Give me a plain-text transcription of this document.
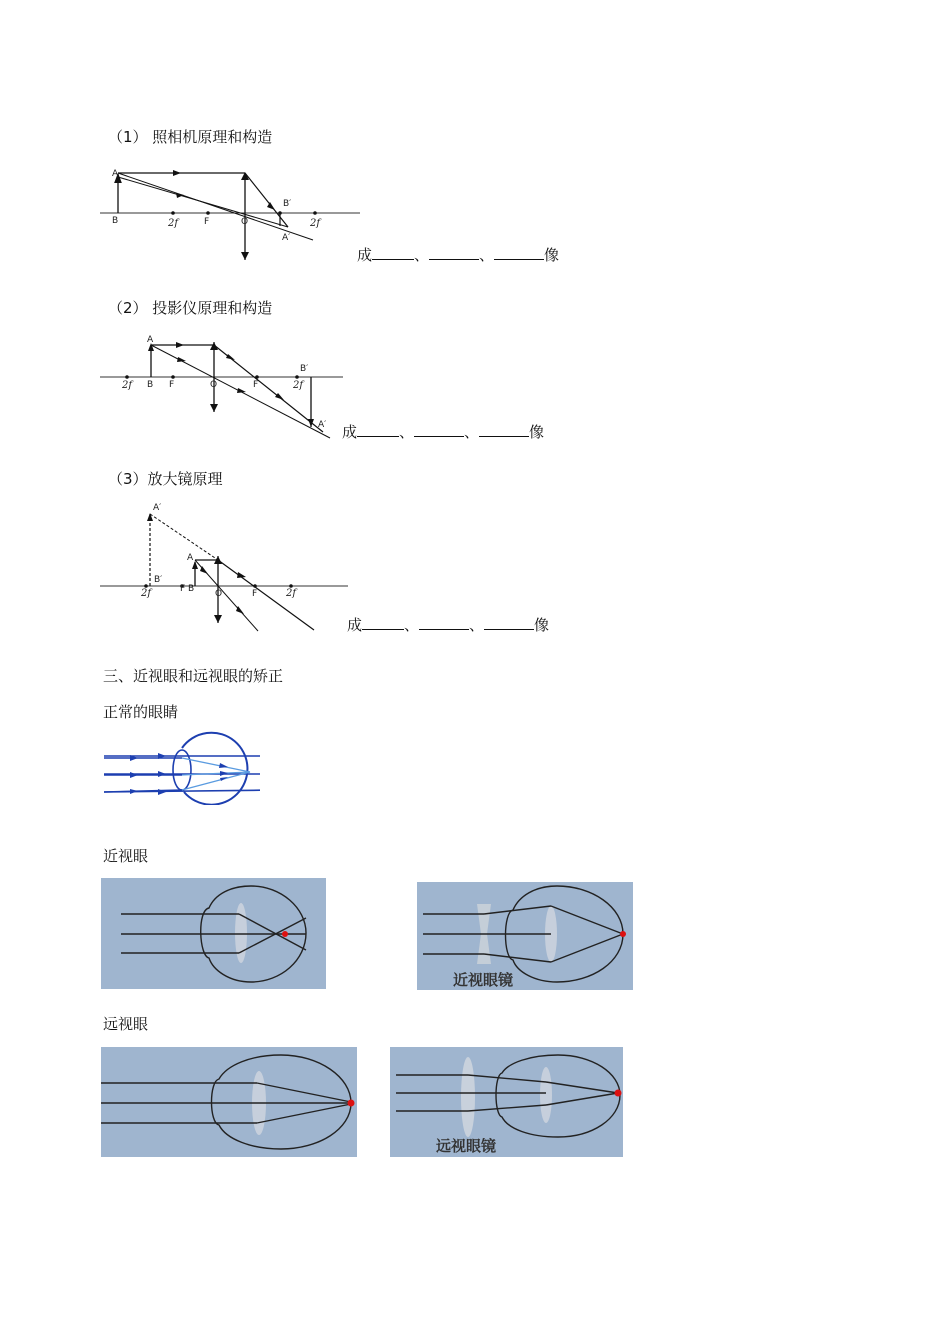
（1） 照相机原理和构造
A
B	2f	F	O
B′
A′
2f
成	、	、	像
（2） 投影仪原理和构造
A
B
2f	F	O	F	2f
B′
A′ 成	、	、	像
（3）放大镜原理
A′
B′
A
2f	F B O	F	2f
成	、	、	像
三、近视眼和远视眼的矫正
正常的眼睛
近视眼
近视眼镜
远视眼
远视眼镜
